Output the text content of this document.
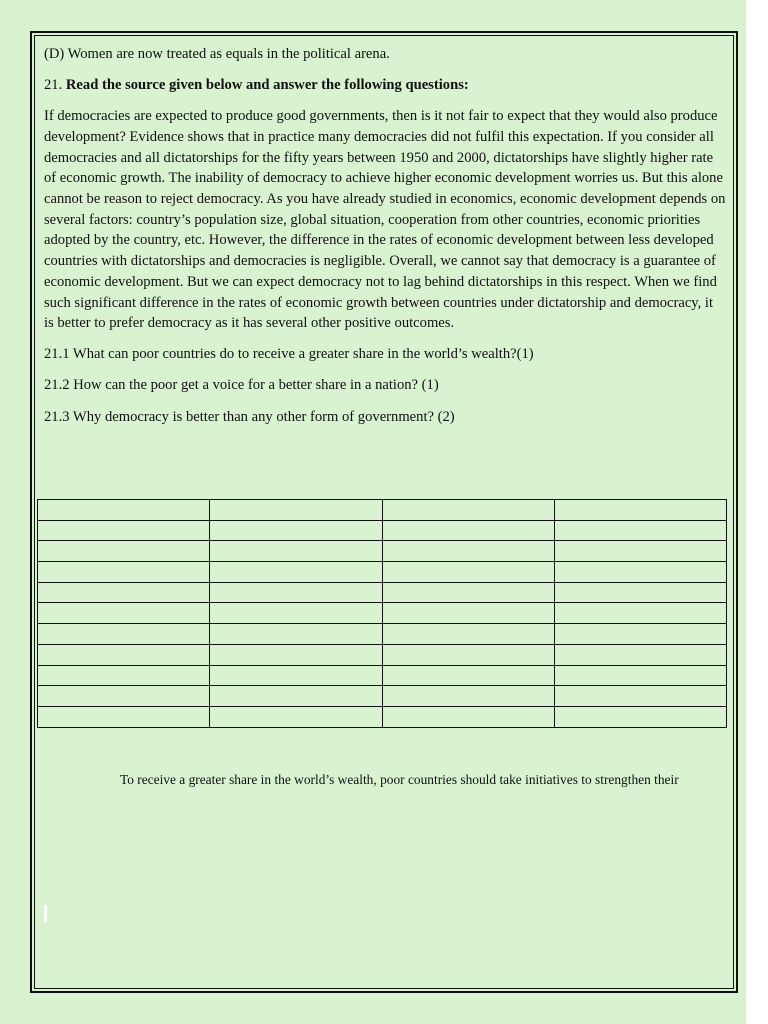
(D) Women are now treated as equals in the political arena.

21. Read the source given below and answer the following questions:

If democracies are expected to produce good governments, then is it not fair to expect that they would also produce development? Evidence shows that in practice many democracies did not fulfil this expectation. If you consider all democracies and all dictatorships for the fifty years between 1950 and 2000, dictatorships have slightly higher rate of economic growth. The inability of democracy to achieve higher economic development worries us. But this alone cannot be reason to reject democracy. As you have already studied in economics, economic development depends on several factors: country’s population size, global situation, cooperation from other countries, economic priorities adopted by the country, etc. However, the difference in the rates of economic development between less developed countries with dictatorships and democracies is negligible. Overall, we cannot say that democracy is a guarantee of economic development. But we can expect democracy not to lag behind dictatorships in this respect. When we find such significant difference in the rates of economic growth between countries under dictatorship and democracy, it is better to prefer democracy as it has several other positive outcomes.

21.1 What can poor countries do to receive a greater share in the world’s wealth?(1)

21.2 How can the poor get a voice for a better share in a nation? (1)

21.3 Why democracy is better than any other form of government? (2)

To receive a greater share in the world’s wealth, poor countries should take initiatives to strengthen their
